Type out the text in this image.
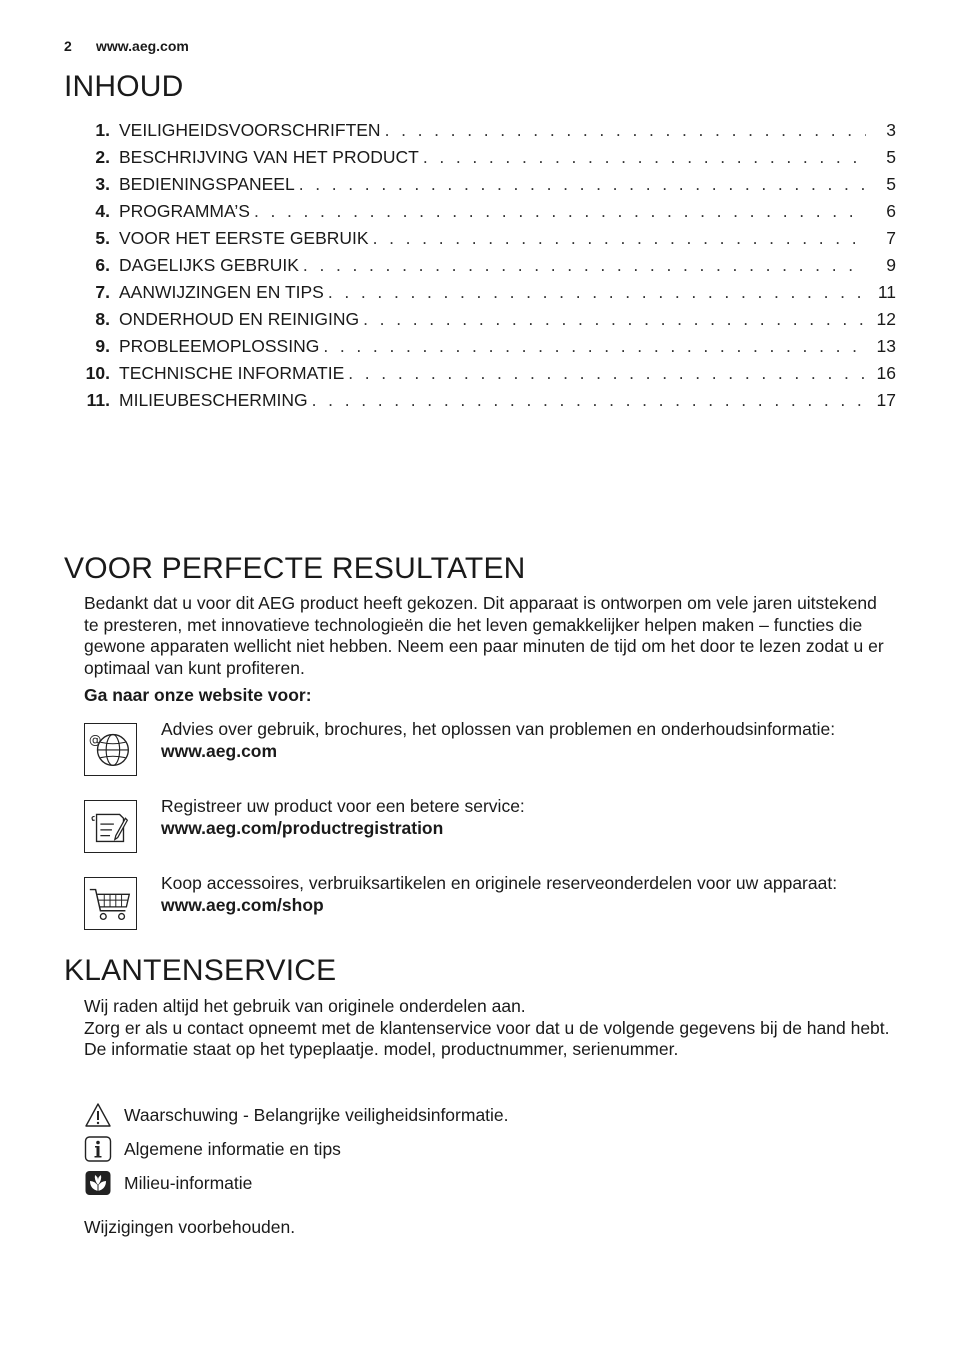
2 www.aeg.com
INHOUD
1. VEILIGHEIDSVOORSCHRIFTEN . . .	3
2. BESCHRIJVING VAN HET PRODUCT . . .	5
3. BEDIENINGSPANEEL . . .	5
4. PROGRAMMA’S . . .	6
5. VOOR HET EERSTE GEBRUIK . . .	7
6. DAGELIJKS GEBRUIK . . .	9
7. AANWIJZINGEN EN TIPS . . .	11
8. ONDERHOUD EN REINIGING . . .	12
9. PROBLEEMOPLOSSING . . .	13
10. TECHNISCHE INFORMATIE . . .	16
11. MILIEUBESCHERMING . . .	17
VOOR PERFECTE RESULTATEN

Bedankt dat u voor dit AEG product heeft gekozen. Dit apparaat is ontworpen om vele jaren uitstekend te presteren, met innovatieve technologieën die het leven gemakkelijker helpen maken – functies die gewone apparaten wellicht niet hebben. Neem een paar minuten de tijd om het door te lezen zodat u er optimaal van kunt profiteren.

Ga naar onze website voor:

@
Advies over gebruik, brochures, het oplossen van problemen en onderhoudsinformatie:
www.aeg.com
Registreer uw product voor een betere service:
www.aeg.com/productregistration
Koop accessoires, verbruiksartikelen en originele reserveonderdelen voor uw apparaat:
www.aeg.com/shop
KLANTENSERVICE
Wij raden altijd het gebruik van originele onderdelen aan.
Zorg er als u contact opneemt met de klantenservice voor dat u de volgende gegevens bij de hand hebt.
De informatie staat op het typeplaatje. model, productnummer, serienummer.
Waarschuwing - Belangrijke veiligheidsinformatie.
Algemene informatie en tips
Milieu-informatie

Wijzigingen voorbehouden.
